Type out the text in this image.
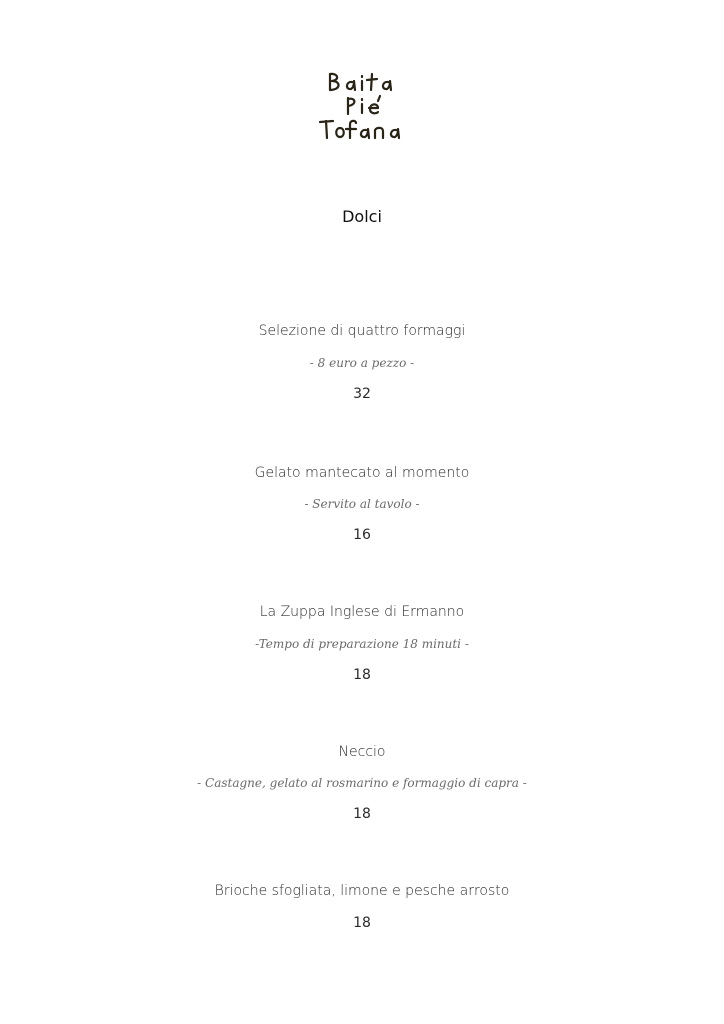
Dolci
Selezione di quattro formaggi
- 8 euro a pezzo -
32
Gelato mantecato al momento
- Servito al tavolo -
16
La Zuppa Inglese di Ermanno
-Tempo di preparazione 18 minuti -
18
Neccio
- Castagne, gelato al rosmarino e formaggio di capra -
18
Brioche sfogliata, limone e pesche arrosto
18
